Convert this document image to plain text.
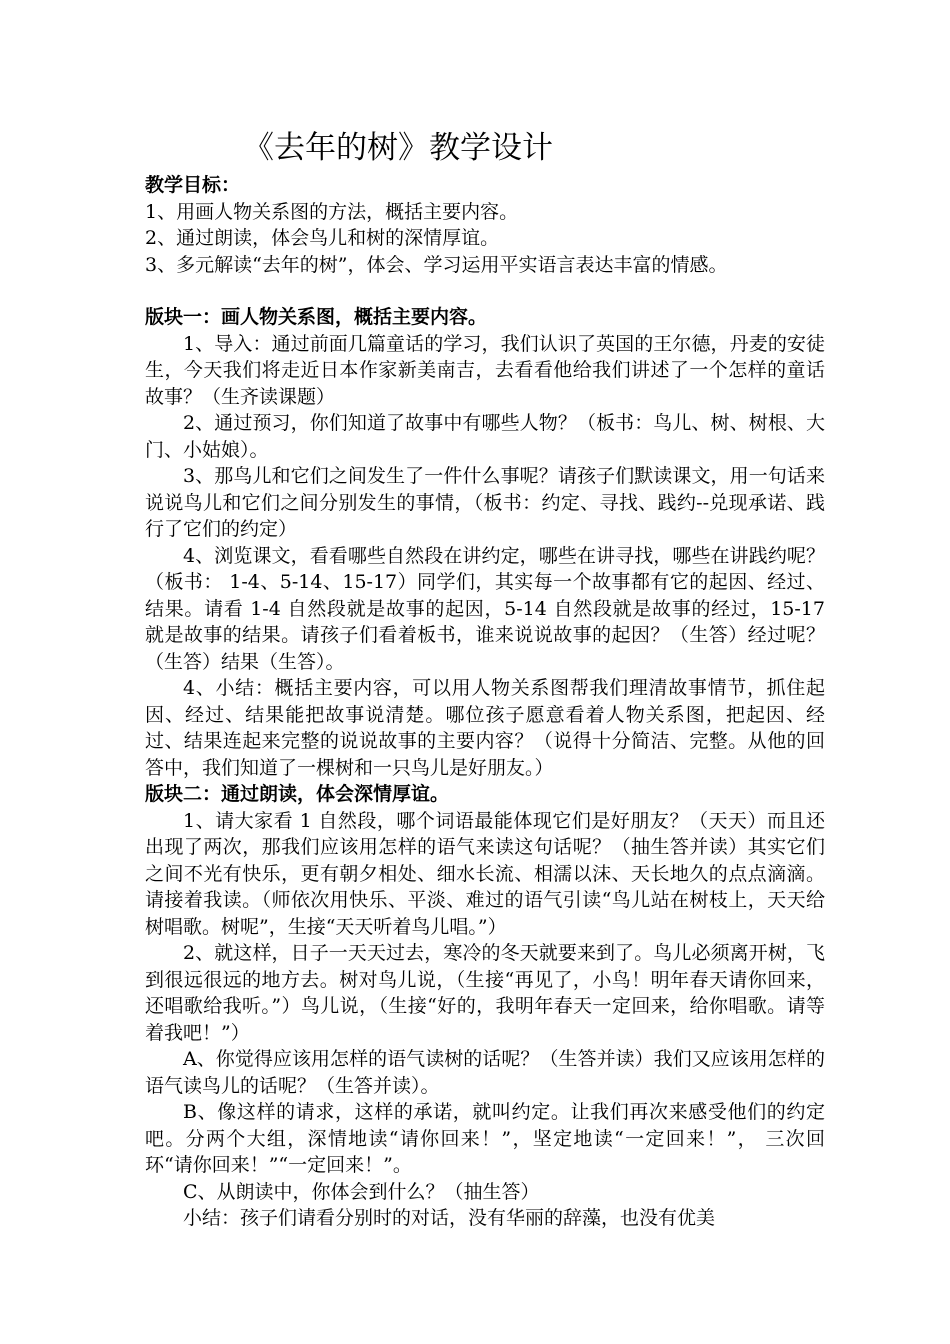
《去年的树》教学设计

教学目标：

1、用画人物关系图的方法，概括主要内容。

2、通过朗读，体会鸟儿和树的深情厚谊。

3、多元解读“去年的树”，体会、学习运用平实语言表达丰富的情感。

版块一：画人物关系图，概括主要内容。

1、导入：通过前面几篇童话的学习，我们认识了英国的王尔德，丹麦的安徒生，今天我们将走近日本作家新美南吉，去看看他给我们讲述了一个怎样的童话故事？（生齐读课题）

2、通过预习，你们知道了故事中有哪些人物？（板书：鸟儿、树、树根、大门、小姑娘）。

3、那鸟儿和它们之间发生了一件什么事呢？请孩子们默读课文，用一句话来说说鸟儿和它们之间分别发生的事情，（板书：约定、寻找、践约--兑现承诺、践行了它们的约定）

4、浏览课文，看看哪些自然段在讲约定，哪些在讲寻找，哪些在讲践约呢？（板书： 1-4、5-14、15-17）同学们，其实每一个故事都有它的起因、经过、结果。请看 1-4 自然段就是故事的起因，5-14 自然段就是故事的经过，15-17 就是故事的结果。请孩子们看着板书，谁来说说故事的起因？（生答）经过呢？（生答）结果（生答）。

4、小结：概括主要内容，可以用人物关系图帮我们理清故事情节，抓住起因、经过、结果能把故事说清楚。哪位孩子愿意看着人物关系图，把起因、经过、结果连起来完整的说说故事的主要内容？（说得十分简洁、完整。从他的回答中，我们知道了一棵树和一只鸟儿是好朋友。）

版块二：通过朗读，体会深情厚谊。

1、请大家看 1 自然段，哪个词语最能体现它们是好朋友？（天天）而且还出现了两次，那我们应该用怎样的语气来读这句话呢？（抽生答并读）其实它们之间不光有快乐，更有朝夕相处、细水长流、相濡以沫、天长地久的点点滴滴。请接着我读。（师依次用快乐、平淡、难过的语气引读“鸟儿站在树枝上，天天给树唱歌。树呢”，生接“天天听着鸟儿唱。”）

2、就这样，日子一天天过去，寒冷的冬天就要来到了。鸟儿必须离开树，飞到很远很远的地方去。树对鸟儿说，（生接“再见了，小鸟！明年春天请你回来，还唱歌给我听。”）鸟儿说，（生接“好的，我明年春天一定回来，给你唱歌。请等着我吧！”）

A、你觉得应该用怎样的语气读树的话呢？（生答并读）我们又应该用怎样的语气读鸟儿的话呢？（生答并读）。

B、像这样的请求，这样的承诺，就叫约定。让我们再次来感受他们的约定吧。分两个大组，深情地读“请你回来！”，坚定地读“一定回来！”， 三次回环“请你回来！”“一定回来！”。

C、从朗读中，你体会到什么？（抽生答）

小结：孩子们请看分别时的对话，没有华丽的辞藻，也没有优美
